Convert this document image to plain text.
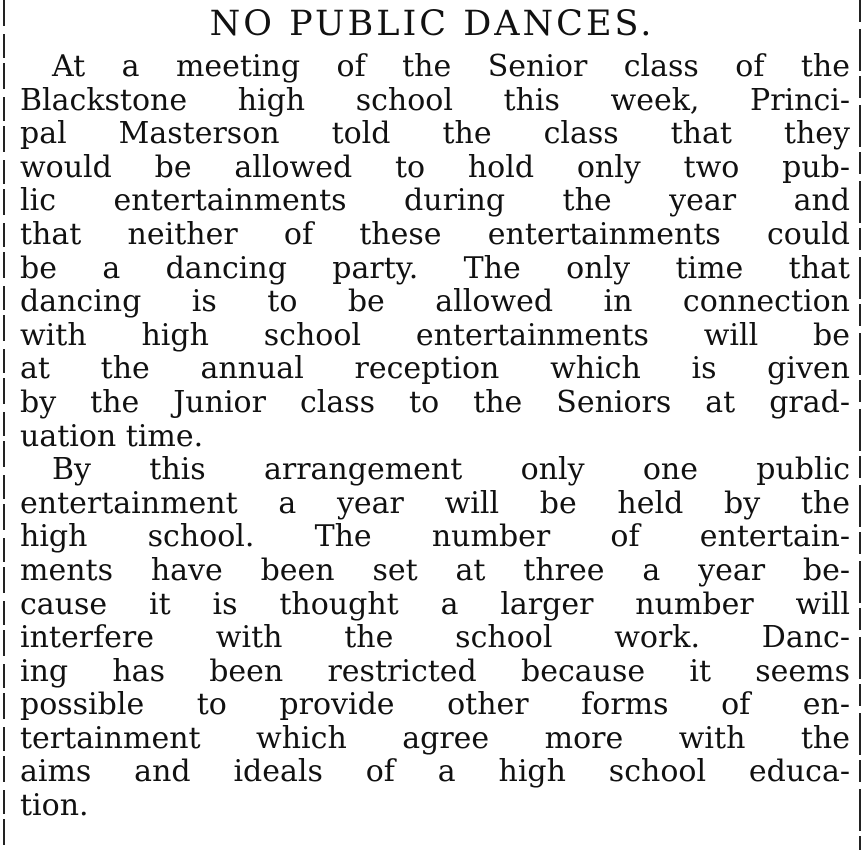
NO PUBLIC DANCES.
At a meeting of the Senior class of the
Blackstone high school this week, Princi-
pal Masterson told the class that they
would be allowed to hold only two pub-
lic entertainments during the year and
that neither of these entertainments could
be a dancing party. The only time that
dancing is to be allowed in connection
with high school entertainments will be
at the annual reception which is given
by the Junior class to the Seniors at grad-
uation time.
By this arrangement only one public
entertainment a year will be held by the
high school. The number of entertain-
ments have been set at three a year be-
cause it is thought a larger number will
interfere with the school work. Danc-
ing has been restricted because it seems
possible to provide other forms of en-
tertainment which agree more with the
aims and ideals of a high school educa-
tion.
